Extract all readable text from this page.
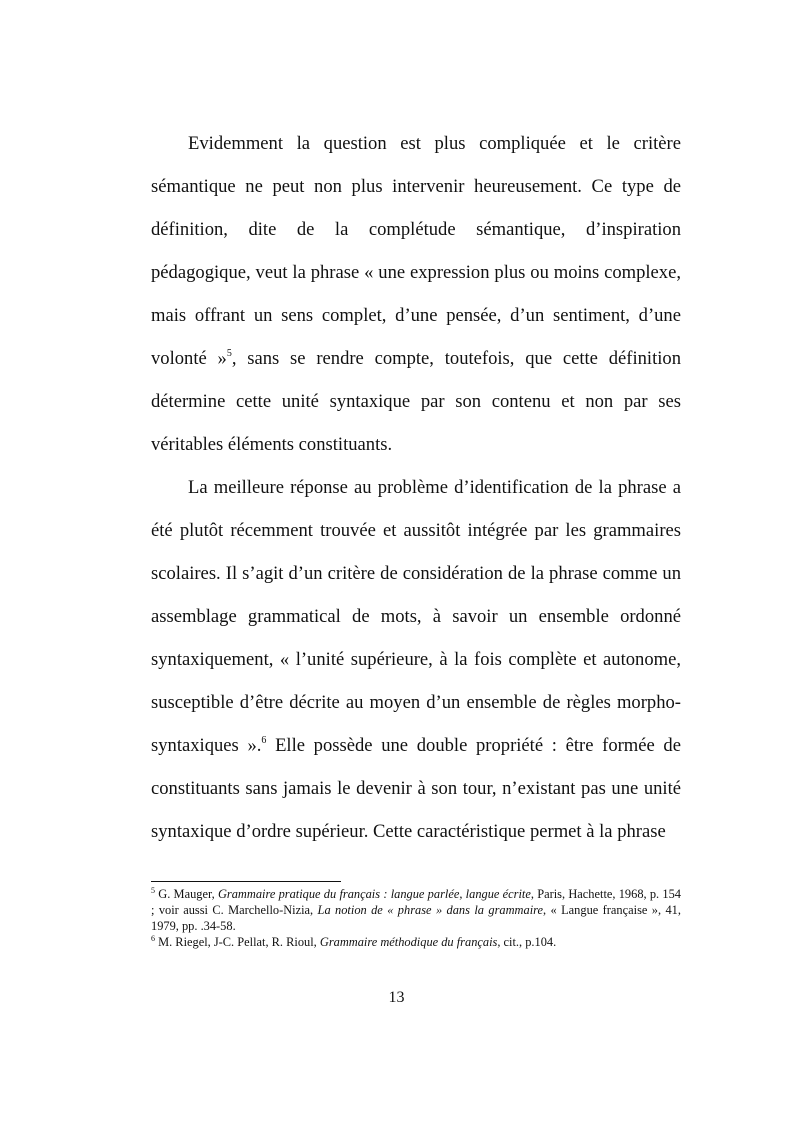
Evidemment la question est plus compliquée et le critère sémantique ne peut non plus intervenir heureusement. Ce type de définition, dite de la complétude sémantique, d’inspiration pédagogique, veut la phrase « une expression plus ou moins complexe, mais offrant un sens complet, d’une pensée, d’un sentiment, d’une volonté »$^5$, sans se rendre compte, toutefois, que cette définition détermine cette unité syntaxique par son contenu et non par ses véritables éléments constituants.

La meilleure réponse au problème d’identification de la phrase a été plutôt récemment trouvée et aussitôt intégrée par les grammaires scolaires. Il s’agit d’un critère de considération de la phrase comme un assemblage grammatical de mots, à savoir un ensemble ordonné syntaxiquement, « l’unité supérieure, à la fois complète et autonome, susceptible d’être décrite au moyen d’un ensemble de règles morpho-syntaxiques ».$^6$ Elle possède une double propriété : être formée de constituants sans jamais le devenir à son tour, n’existant pas une unité syntaxique d’ordre supérieur. Cette caractéristique permet à la phrase

$^5$ G. Mauger, Grammaire pratique du français : langue parlée, langue écrite, Paris, Hachette, 1968, p. 154 ; voir aussi C. Marchello-Nizia, La notion de « phrase » dans la grammaire, « Langue française », 41, 1979, pp. .34-58.

$^6$ M. Riegel, J-C. Pellat, R. Rioul, Grammaire méthodique du français, cit., p.104.

13
